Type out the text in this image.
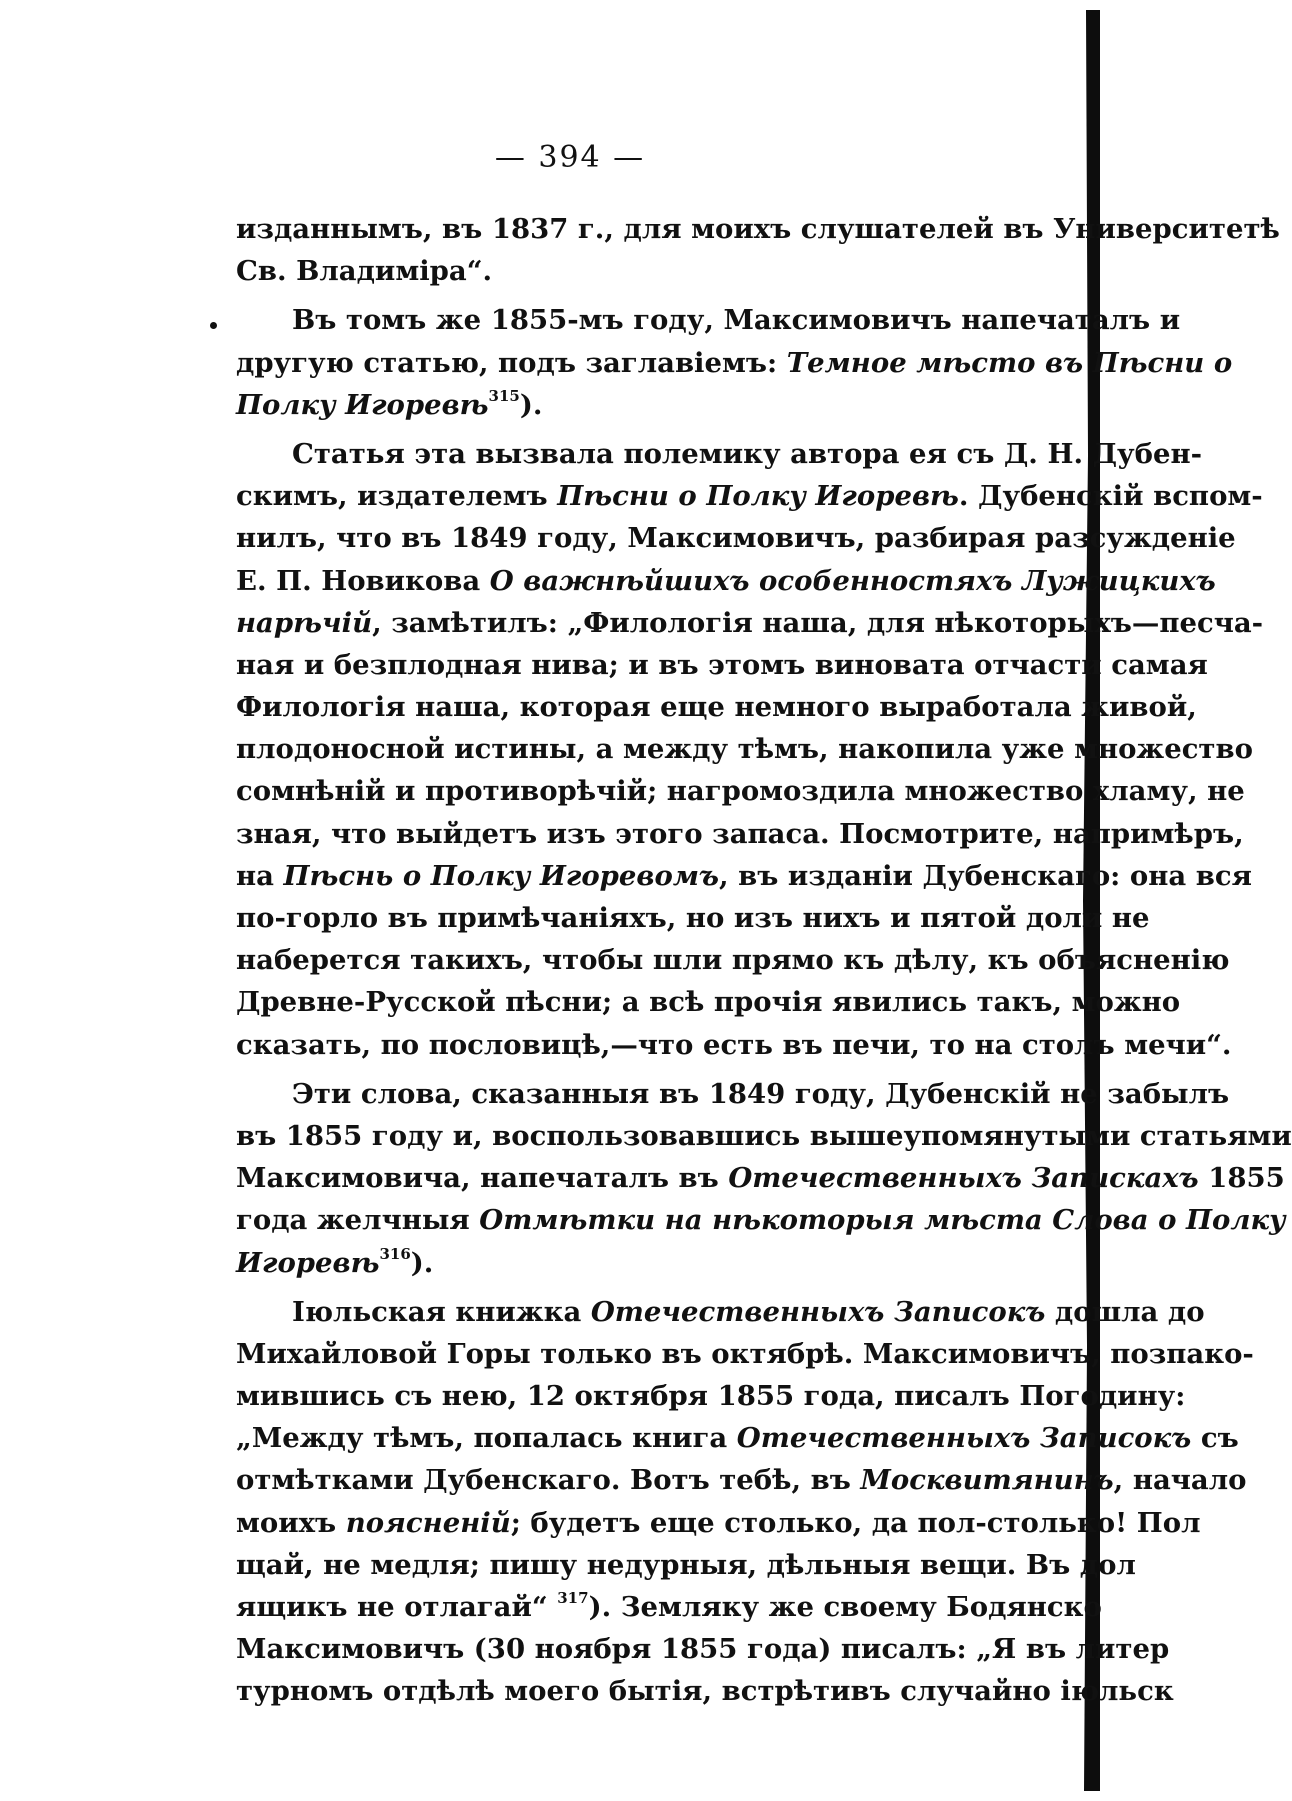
— 394 —
изданнымъ, въ 1837 г., для моихъ слушателей въ Университетѣ
Св. Владиміра“.
Въ томъ же 1855-мъ году, Максимовичъ напечаталъ и
другую статью, подъ заглавіемъ: Темное мѣсто въ Пѣсни о
Полку Игоревѣ$^{315}$).
Статья эта вызвала полемику автора ея съ Д. Н. Дубен-
скимъ, издателемъ Пѣсни о Полку Игоревѣ. Дубенскій вспом-
нилъ, что въ 1849 году, Максимовичъ, разбирая разсужденіе
Е. П. Новикова О важнѣйшихъ особенностяхъ Лужицкихъ
нарѣчій, замѣтилъ: „Филологія наша, для нѣкоторыхъ—песча-
ная и безплодная нива; и въ этомъ виновата отчасти самая
Филологія наша, которая еще немного выработала живой,
плодоносной истины, а между тѣмъ, накопила уже множество
сомнѣній и противорѣчій; нагромоздила множество хламу, не
зная, что выйдетъ изъ этого запаса. Посмотрите, напримѣръ,
на Пѣснь о Полку Игоревомъ, въ изданіи Дубенскаго: она вся
по-горло въ примѣчаніяхъ, но изъ нихъ и пятой доли не
наберется такихъ, чтобы шли прямо къ дѣлу, къ объясненію
Древне-Русской пѣсни; а всѣ прочія явились такъ, можно
сказать, по пословицѣ,—что есть въ печи, то на столъ мечи“.
Эти слова, сказанныя въ 1849 году, Дубенскій не забылъ
въ 1855 году и, воспользовавшись вышеупомянутыми статьями
Максимовича, напечаталъ въ Отечественныхъ Запискахъ 1855
года желчныя Отмѣтки на нѣкоторыя мѣста Слова о Полку
Игоревѣ$^{316}$).
Іюльская книжка Отечественныхъ Записокъ дошла до
Михайловой Горы только въ октябрѣ. Максимовичъ, позпако-
мившись съ нею, 12 октября 1855 года, писалъ Погодину:
„Между тѣмъ, попалась книга Отечественныхъ Записокъ съ
отмѣтками Дубенскаго. Вотъ тебѣ, въ Москвитянинъ, начало
моихъ поясненій; будетъ еще столько, да пол-столько! Пол
щай, не медля; пишу недурныя, дѣльныя вещи. Въ дол
ящикъ не отлагай“ $^{317}$). Земляку же своему Бодянско
Максимовичъ (30 ноября 1855 года) писалъ: „Я въ литер
турномъ отдѣлѣ моего бытія, встрѣтивъ случайно іюльск
